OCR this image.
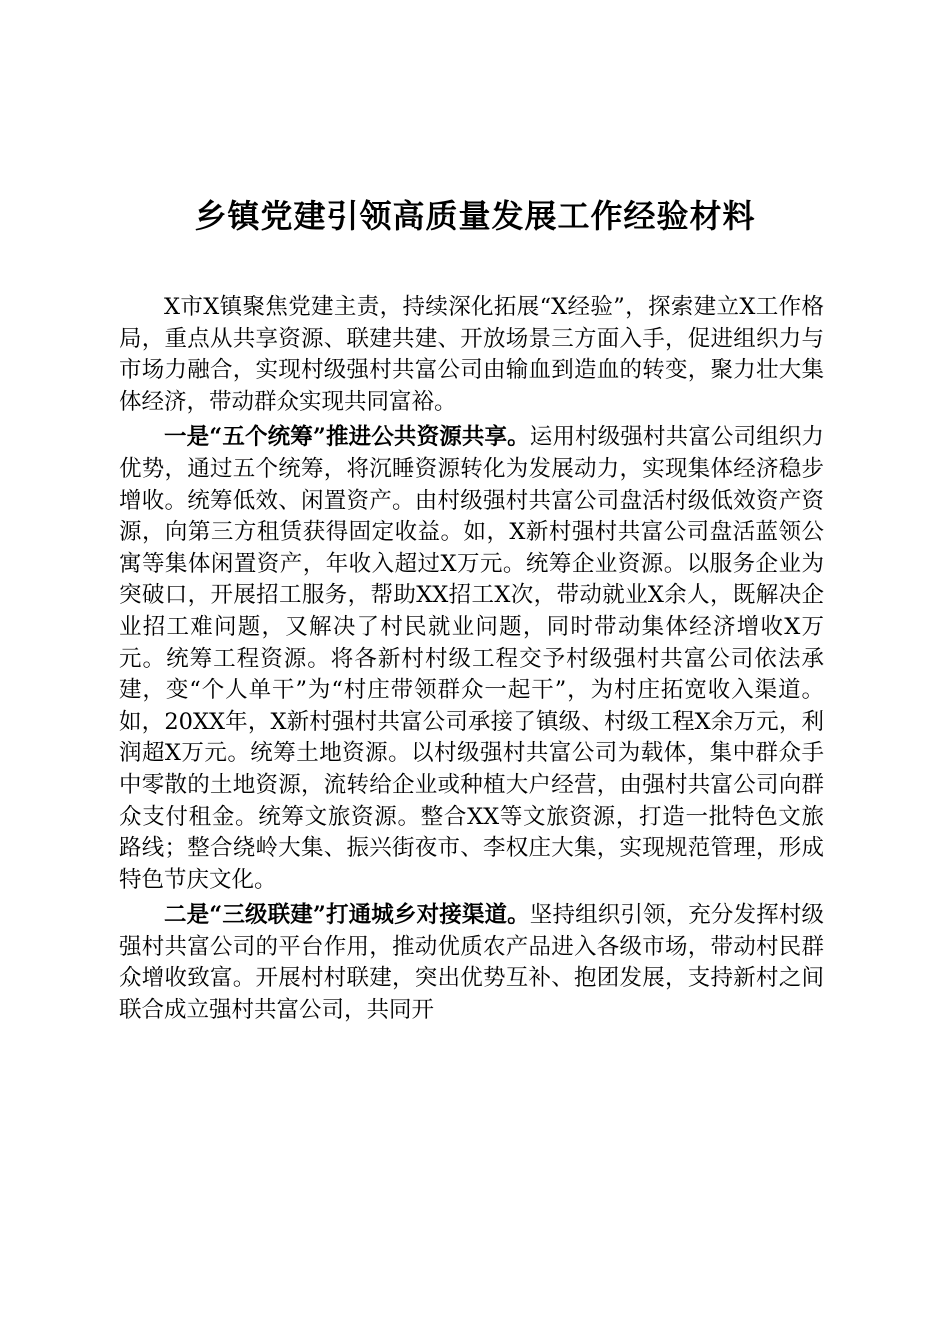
乡镇党建引领高质量发展工作经验材料

X市X镇聚焦党建主责，持续深化拓展“X经验”，探索建立X工作格局，重点从共享资源、联建共建、开放场景三方面入手，促进组织力与市场力融合，实现村级强村共富公司由输血到造血的转变，聚力壮大集体经济，带动群众实现共同富裕。

一是“五个统筹”推进公共资源共享。运用村级强村共富公司组织力优势，通过五个统筹，将沉睡资源转化为发展动力，实现集体经济稳步增收。统筹低效、闲置资产。由村级强村共富公司盘活村级低效资产资源，向第三方租赁获得固定收益。如，X新村强村共富公司盘活蓝领公寓等集体闲置资产，年收入超过X万元。统筹企业资源。以服务企业为突破口，开展招工服务，帮助XX招工X次，带动就业X余人，既解决企业招工难问题，又解决了村民就业问题，同时带动集体经济增收X万元。统筹工程资源。将各新村村级工程交予村级强村共富公司依法承建，变“个人单干”为“村庄带领群众一起干”，为村庄拓宽收入渠道。如，20XX年，X新村强村共富公司承接了镇级、村级工程X余万元，利润超X万元。统筹土地资源。以村级强村共富公司为载体，集中群众手中零散的土地资源，流转给企业或种植大户经营，由强村共富公司向群众支付租金。统筹文旅资源。整合XX等文旅资源，打造一批特色文旅路线；整合绕岭大集、振兴街夜市、李权庄大集，实现规范管理，形成特色节庆文化。

二是“三级联建”打通城乡对接渠道。坚持组织引领，充分发挥村级强村共富公司的平台作用，推动优质农产品进入各级市场，带动村民群众增收致富。开展村村联建，突出优势互补、抱团发展，支持新村之间联合成立强村共富公司，共同开
